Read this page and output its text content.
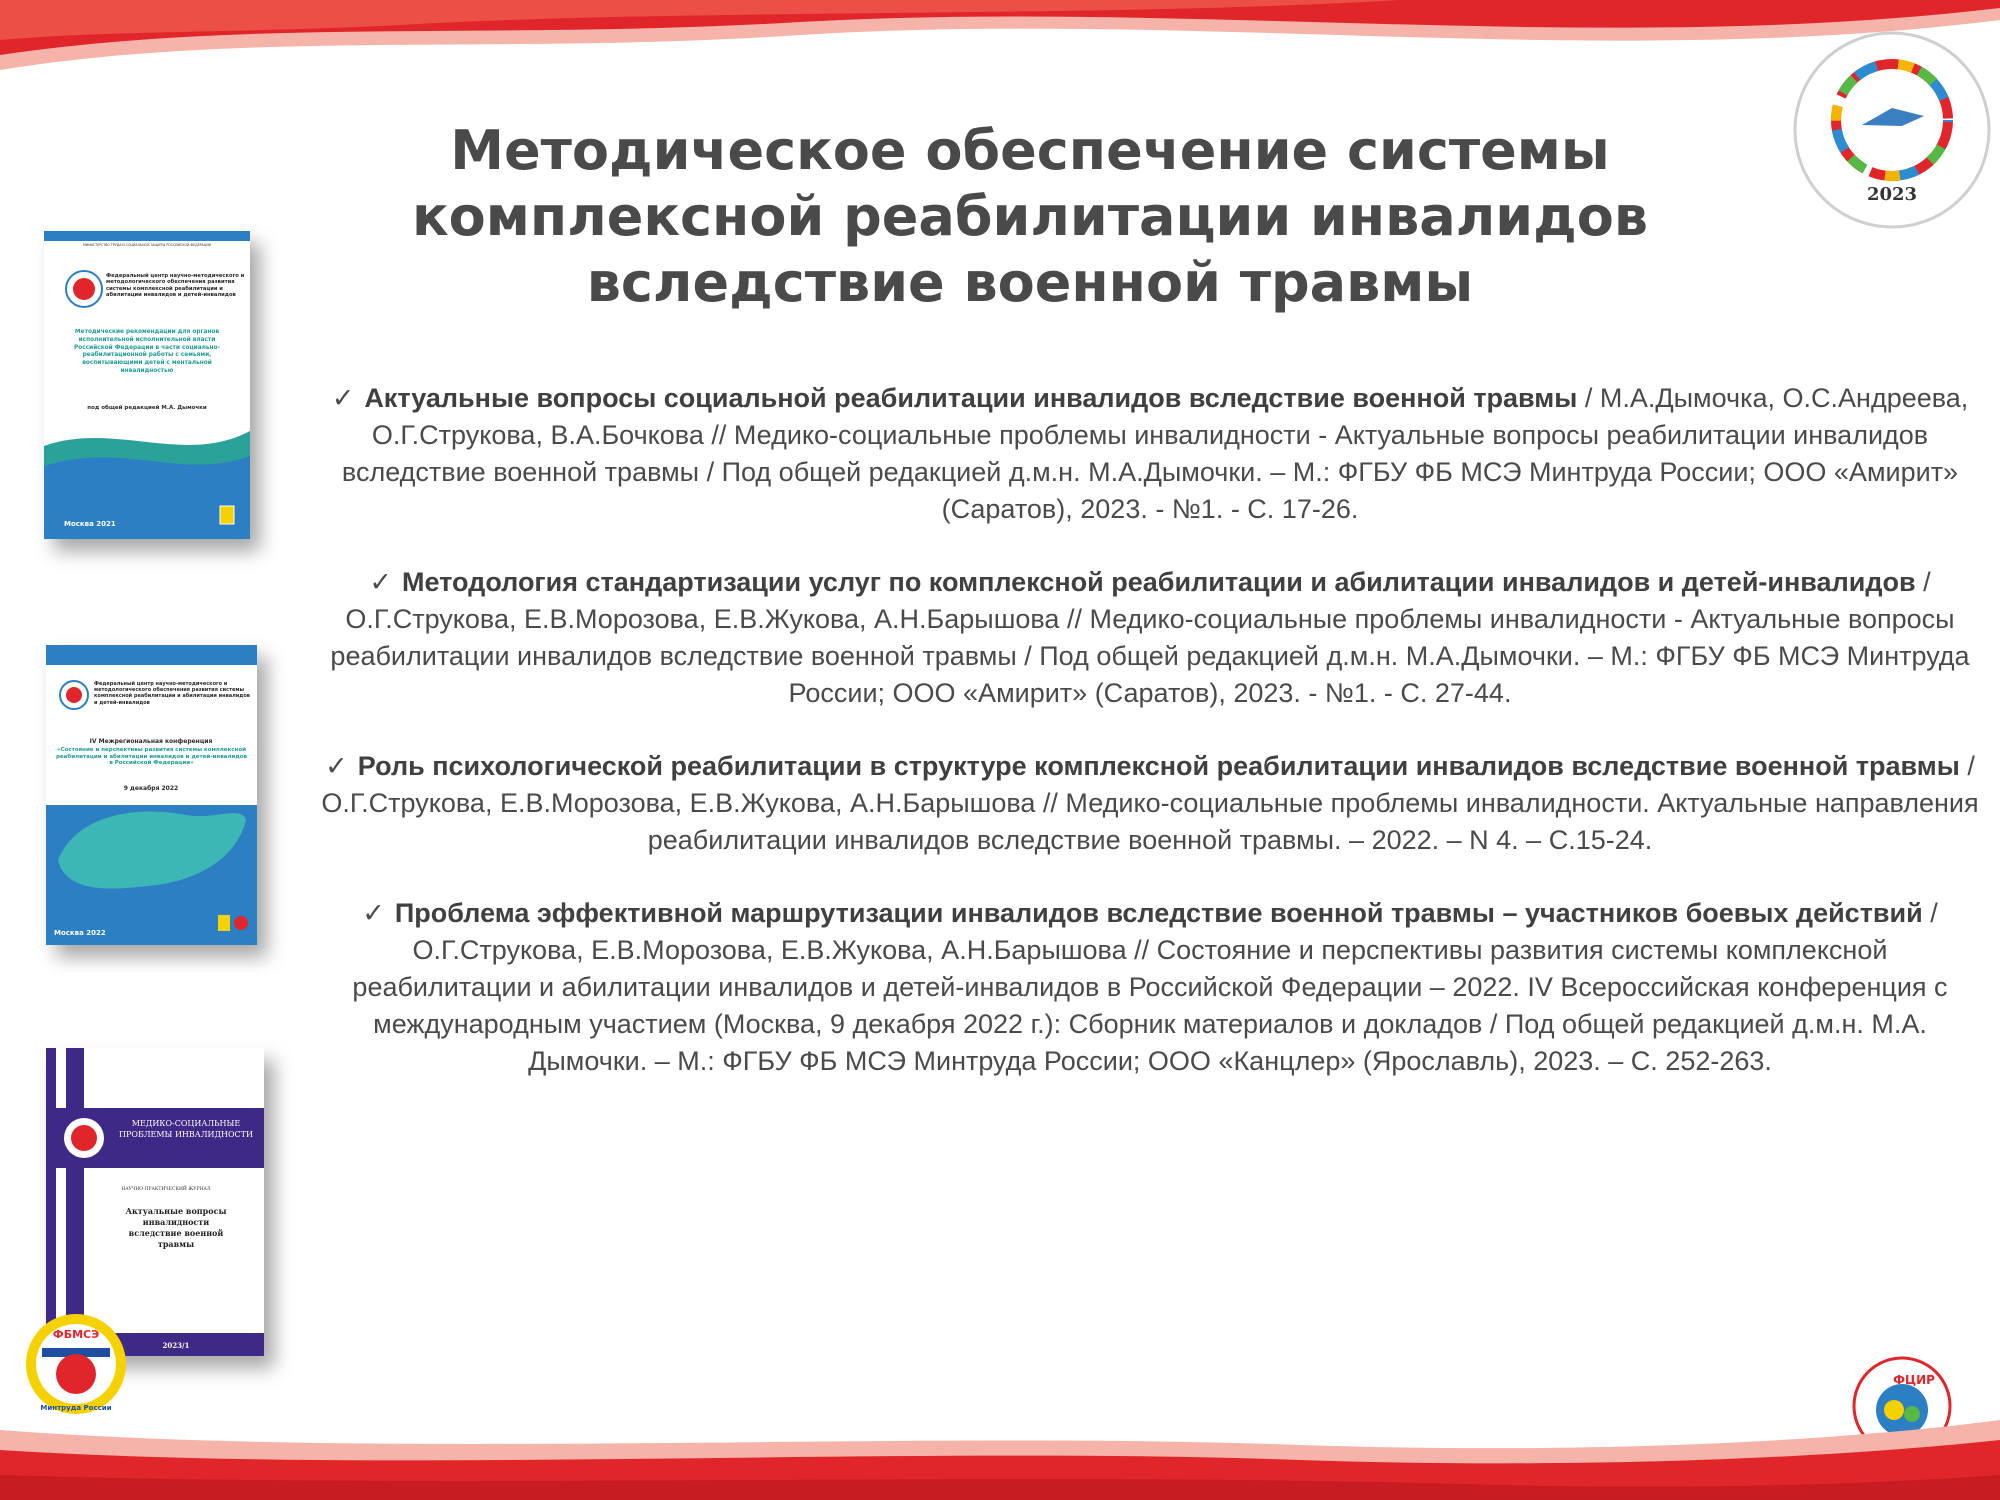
Методическое обеспечение системы
комплексной реабилитации инвалидов
вследствие военной травмы
2023

✓ Актуальные вопросы социальной реабилитации инвалидов вследствие военной травмы / М.А.Дымочка, О.С.Андреева, О.Г.Струкова, В.А.Бочкова // Медико-социальные проблемы инвалидности - Актуальные вопросы реабилитации инвалидов вследствие военной травмы / Под общей редакцией д.м.н. М.А.Дымочки. – М.: ФГБУ ФБ МСЭ Минтруда России; ООО «Амирит» (Саратов), 2023. - №1. - С. 17-26.

✓ Методология стандартизации услуг по комплексной реабилитации и абилитации инвалидов и детей-инвалидов / О.Г.Струкова, Е.В.Морозова, Е.В.Жукова, А.Н.Барышова // Медико-социальные проблемы инвалидности - Актуальные вопросы реабилитации инвалидов вследствие военной травмы / Под общей редакцией д.м.н. М.А.Дымочки. – М.: ФГБУ ФБ МСЭ Минтруда России; ООО «Амирит» (Саратов), 2023. - №1. - С. 27-44.

✓ Роль психологической реабилитации в структуре комплексной реабилитации инвалидов вследствие военной травмы / О.Г.Струкова, Е.В.Морозова, Е.В.Жукова, А.Н.Барышова // Медико-социальные проблемы инвалидности. Актуальные направления реабилитации инвалидов вследствие военной травмы. – 2022. – N 4. – С.15-24.

✓ Проблема эффективной маршрутизации инвалидов вследствие военной травмы – участников боевых действий / О.Г.Струкова, Е.В.Морозова, Е.В.Жукова, А.Н.Барышова // Состояние и перспективы развития системы комплексной реабилитации и абилитации инвалидов и детей-инвалидов в Российской Федерации – 2022. IV Всероссийская конференция с международным участием (Москва, 9 декабря 2022 г.): Сборник материалов и докладов / Под общей редакцией д.м.н. М.А. Дымочки. – М.: ФГБУ ФБ МСЭ Минтруда России; ООО «Канцлер» (Ярославль), 2023. – С. 252-263.

МИНИСТЕРСТВО ТРУДА И СОЦИАЛЬНОЙ ЗАЩИТЫ РОССИЙСКОЙ ФЕДЕРАЦИИ
Федеральный центр научно-методического и методологического обеспечения развития системы комплексной реабилитации и абилитации инвалидов и детей-инвалидов
Методические рекомендации для органов исполнительной исполнительной власти Российской Федерации в части социально-реабилитационной работы с семьями, воспитывающими детей с ментальной инвалидностью
под общей редакцией М.А. Дымочки
Москва 2021
Федеральный центр научно-методического и методологического обеспечения развития системы комплексной реабилитации и абилитации инвалидов и детей-инвалидов
IV Межрегиональная конференция
«Состояние и перспективы развития системы комплексной реабилитации и абилитации инвалидов и детей-инвалидов в Российской Федерации»
9 декабря 2022
Москва 2022
МЕДИКО-СОЦИАЛЬНЫЕ ПРОБЛЕМЫ ИНВАЛИДНОСТИ
НАУЧНО-ПРАКТИЧЕСКИЙ ЖУРНАЛ
Актуальные вопросы инвалидности вследствие военной травмы
2023/1
ФБМСЭ
Минтруда России
ФЦИР
